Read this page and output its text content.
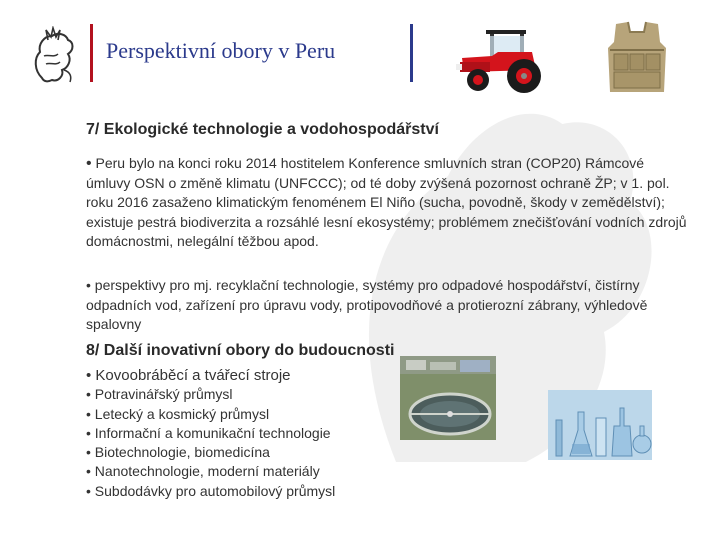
Perspektivní obory v Peru
7/ Ekologické technologie a vodohospodářství
• Peru bylo na konci roku 2014 hostitelem Konference smluvních stran (COP20) Rámcové úmluvy OSN o změně klimatu (UNFCCC); od té doby zvýšená pozornost ochraně ŽP; v 1. pol. roku 2016 zasaženo klimatickým fenoménem El Niño (sucha, povodně, škody v zemědělství); existuje pestrá biodiverzita a rozsáhlé lesní ekosystémy; problémem znečišťování vodních zdrojů domácnostmi, nelegální těžbou apod.
• perspektivy pro mj. recyklační technologie, systémy pro odpadové hospodářství, čistírny odpadních vod, zařízení pro úpravu vody, protipovodňové a protierozní zábrany, výhledově spalovny
8/ Další inovativní obory do budoucnosti
• Kovoobráběcí a tvářecí stroje
• Potravinářský průmysl
• Letecký a kosmický průmysl
• Informační a komunikační technologie
• Biotechnologie, biomedicína
• Nanotechnologie, moderní materiály
• Subdodávky pro automobilový průmysl
